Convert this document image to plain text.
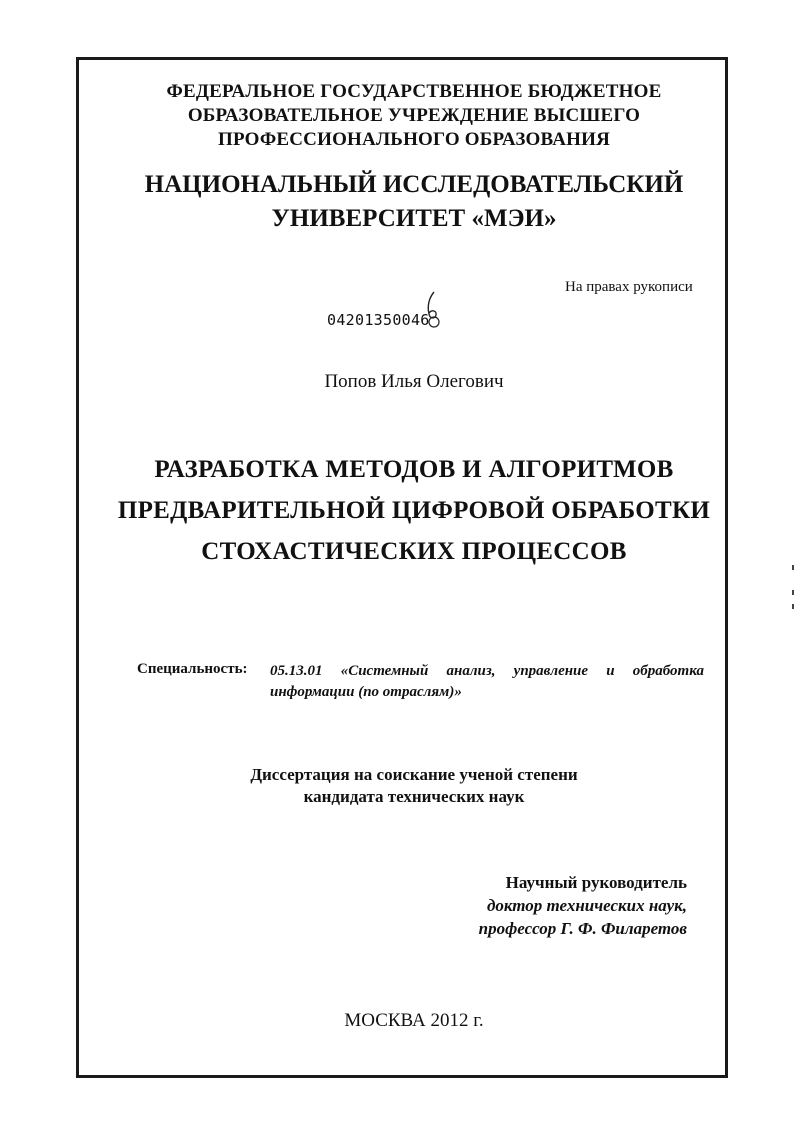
ФЕДЕРАЛЬНОЕ ГОСУДАРСТВЕННОЕ БЮДЖЕТНОЕ
ОБРАЗОВАТЕЛЬНОЕ УЧРЕЖДЕНИЕ ВЫСШЕГО
ПРОФЕССИОНАЛЬНОГО ОБРАЗОВАНИЯ
НАЦИОНАЛЬНЫЙ ИССЛЕДОВАТЕЛЬСКИЙ
УНИВЕРСИТЕТ «МЭИ»
На правах рукописи
04201350046
Попов Илья Олегович
РАЗРАБОТКА МЕТОДОВ И АЛГОРИТМОВ
ПРЕДВАРИТЕЛЬНОЙ ЦИФРОВОЙ ОБРАБОТКИ
СТОХАСТИЧЕСКИХ ПРОЦЕССОВ
Специальность: 05.13.01 «Системный анализ, управление и обработка
информации (по отраслям)»
Диссертация на соискание ученой степени
кандидата технических наук
Научный руководитель
доктор технических наук,
профессор Г. Ф. Филаретов
МОСКВА 2012 г.
